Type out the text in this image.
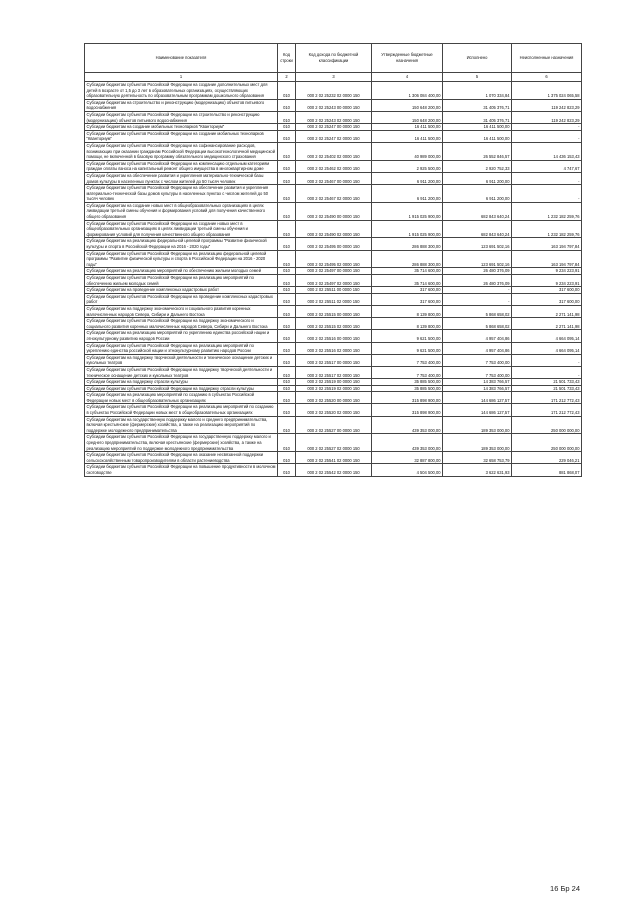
Наименование показателя	Код строки	Код дохода по бюджетной классификации	Утвержденные бюджетные назначения	Исполнено	Неисполненные назначения
1	2	3	4	5	6
Субсидии бюджетам субъектов Российской Федерации на создание дополнительных мест для детей в возрасте от 1,5 до 3 лет в образовательных организациях, осуществляющих образовательную деятельность по образовательным программам дошкольного образования	010	000 2 02 25232 02 0000 150	1 306 084 400,00	1 070 334,84	1 375 024 065,58
Субсидии бюджетам на строительство и реконструкцию (модернизацию) объектов питьевого водоснабжения	010	000 2 02 25243 00 0000 150	150 648 200,00	31 405 376,71	119 242 823,29
Субсидии бюджетам субъектов Российской Федерации на строительство и реконструкцию (модернизацию) объектов питьевого водоснабжения	010	000 2 02 25243 02 0000 150	150 648 200,00	31 405 376,71	119 242 823,29
Субсидии бюджетам на создание мобильных технопарков "Кванториум"	010	000 2 02 25247 00 0000 150	16 411 500,00	16 411 500,00	-
Субсидии бюджетам субъектов Российской Федерации на создание мобильных технопарков "Кванториум"	010	000 2 02 25247 02 0000 150	16 411 500,00	16 411 500,00	-
Субсидии бюджетам субъектов Российской Федерации на софинансирование расходов, возникающих при оказании гражданам Российской Федерации высокотехнологичной медицинской помощи, не включенной в базовую программу обязательного медицинского страхования	010	000 2 02 25402 02 0000 150	40 989 000,00	26 552 846,57	14 436 153,43
Субсидии бюджетам субъектов Российской Федерации на компенсацию отдельным категориям граждан оплаты взноса на капитальный ремонт общего имущества в многоквартирном доме	010	000 2 02 25462 02 0000 150	2 925 500,00	2 920 752,33	4 747,67
Субсидии бюджетам на обеспечение развития и укрепления материально-технической базы домов культуры в населенных пунктах с числом жителей до 50 тысяч человек	010	000 2 02 25467 00 0000 150	6 911 200,00	6 911 200,00	-
Субсидии бюджетам субъектов Российской Федерации на обеспечение развития и укрепления материально-технической базы домов культуры в населенных пунктах с числом жителей до 50 тысяч человек	010	000 2 02 25467 02 0000 150	6 911 200,00	6 911 200,00	-
Субсидии бюджетам на создание новых мест в общеобразовательных организациях в целях ликвидации третьей смены обучения и формирования условий для получения качественного общего образования	010	000 2 02 25490 00 0000 150	1 915 025 900,00	682 843 640,24	1 232 182 259,76
Субсидии бюджетам субъектов Российской Федерации на создание новых мест в общеобразовательных организациях в целях ликвидации третьей смены обучения и формирования условий для получения качественного общего образования	010	000 2 02 25490 02 0000 150	1 915 025 900,00	682 843 640,24	1 232 182 259,76
Субсидии бюджетам на реализацию федеральной целевой программы "Развитие физической культуры и спорта в Российской Федерации на 2016 - 2020 годы"	010	000 2 02 25495 00 0000 150	286 888 300,00	123 691 502,16	163 194 797,84
Субсидии бюджетам субъектов Российской Федерации на реализацию федеральной целевой программы "Развитие физической культуры и спорта в Российской Федерации на 2016 - 2020 годы"	010	000 2 02 25495 02 0000 150	286 888 300,00	123 691 502,16	163 194 797,84
Субсидии бюджетам на реализацию мероприятий по обеспечению жильем молодых семей	010	000 2 02 25497 00 0000 150	35 714 600,00	26 480 376,09	9 234 223,91
Субсидии бюджетам субъектов Российской Федерации на реализацию мероприятий по обеспечению жильем молодых семей	010	000 2 02 25497 02 0000 150	35 714 600,00	26 480 376,09	9 234 223,91
Субсидии бюджетам на проведение комплексных кадастровых работ	010	000 2 02 25511 00 0000 150	317 600,00	-	317 600,00
Субсидии бюджетам субъектов Российской Федерации на проведение комплексных кадастровых работ	010	000 2 02 25511 02 0000 150	317 600,00	-	317 600,00
Субсидии бюджетам на поддержку экономического и социального развития коренных малочисленных народов Севера, Сибири и Дальнего Востока	010	000 2 02 25515 00 0000 150	8 139 800,00	5 868 658,02	2 271 141,98
Субсидии бюджетам субъектов Российской Федерации на поддержку экономического и социального развития коренных малочисленных народов Севера, Сибири и Дальнего Востока	010	000 2 02 25515 02 0000 150	8 139 800,00	5 868 658,02	2 271 141,98
Субсидии бюджетам на реализацию мероприятий по укреплению единства российской нации и этнокультурному развитию народов России	010	000 2 02 25516 00 0000 150	9 621 500,00	4 957 404,86	4 664 095,14
Субсидии бюджетам субъектов Российской Федерации на реализацию мероприятий по укреплению единства российской нации и этнокультурному развитию народов России	010	000 2 02 25516 02 0000 150	9 621 500,00	4 957 404,86	4 664 095,14
Субсидии бюджетам на поддержку творческой деятельности и техническое оснащение детских и кукольных театров	010	000 2 02 25517 00 0000 150	7 753 400,00	7 753 400,00	-
Субсидии бюджетам субъектов Российской Федерации на поддержку творческой деятельности и техническое оснащение детских и кукольных театров	010	000 2 02 25517 02 0000 150	7 753 400,00	7 753 400,00	-
Субсидии бюджетам на поддержку отрасли культуры	010	000 2 02 25519 00 0000 150	35 885 500,00	14 383 766,57	21 501 733,43
Субсидии бюджетам субъектов Российской Федерации на поддержку отрасли культуры	010	000 2 02 25519 02 0000 150	35 885 500,00	14 383 766,57	21 501 733,43
Субсидии бюджетам на реализацию мероприятий по созданию в субъектах Российской Федерации новых мест в общеобразовательных организациях	010	000 2 02 25520 00 0000 150	315 898 900,00	144 686 127,57	171 212 772,43
Субсидии бюджетам субъектов Российской Федерации на реализацию мероприятий по созданию в субъектах Российской Федерации новых мест в общеобразовательных организациях	010	000 2 02 25520 02 0000 150	315 898 900,00	144 686 127,57	171 212 772,43
Субсидии бюджетам на государственную поддержку малого и среднего предпринимательства, включая крестьянские (фермерские) хозяйства, а также на реализацию мероприятий по поддержке молодежного предпринимательства	010	000 2 02 25527 00 0000 150	439 353 000,00	189 353 000,00	250 000 000,00
Субсидии бюджетам субъектов Российской Федерации на государственную поддержку малого и среднего предпринимательства, включая крестьянские (фермерские) хозяйства, а также на реализацию мероприятий по поддержке молодежного предпринимательства	010	000 2 02 25527 02 0000 150	439 353 000,00	189 353 000,00	250 000 000,00
Субсидии бюджетам субъектов Российской Федерации на оказание несвязанной поддержки сельскохозяйственным товаропроизводителям в области растениеводства	010	000 2 02 25541 02 0000 150	32 887 800,00	32 658 753,79	229 046,21
Субсидии бюджетам субъектов Российской Федерации на повышение продуктивности в молочном скотоводстве	010	000 2 02 25542 02 0000 150	4 504 500,00	3 622 631,93	881 868,07
16 Бр 24
